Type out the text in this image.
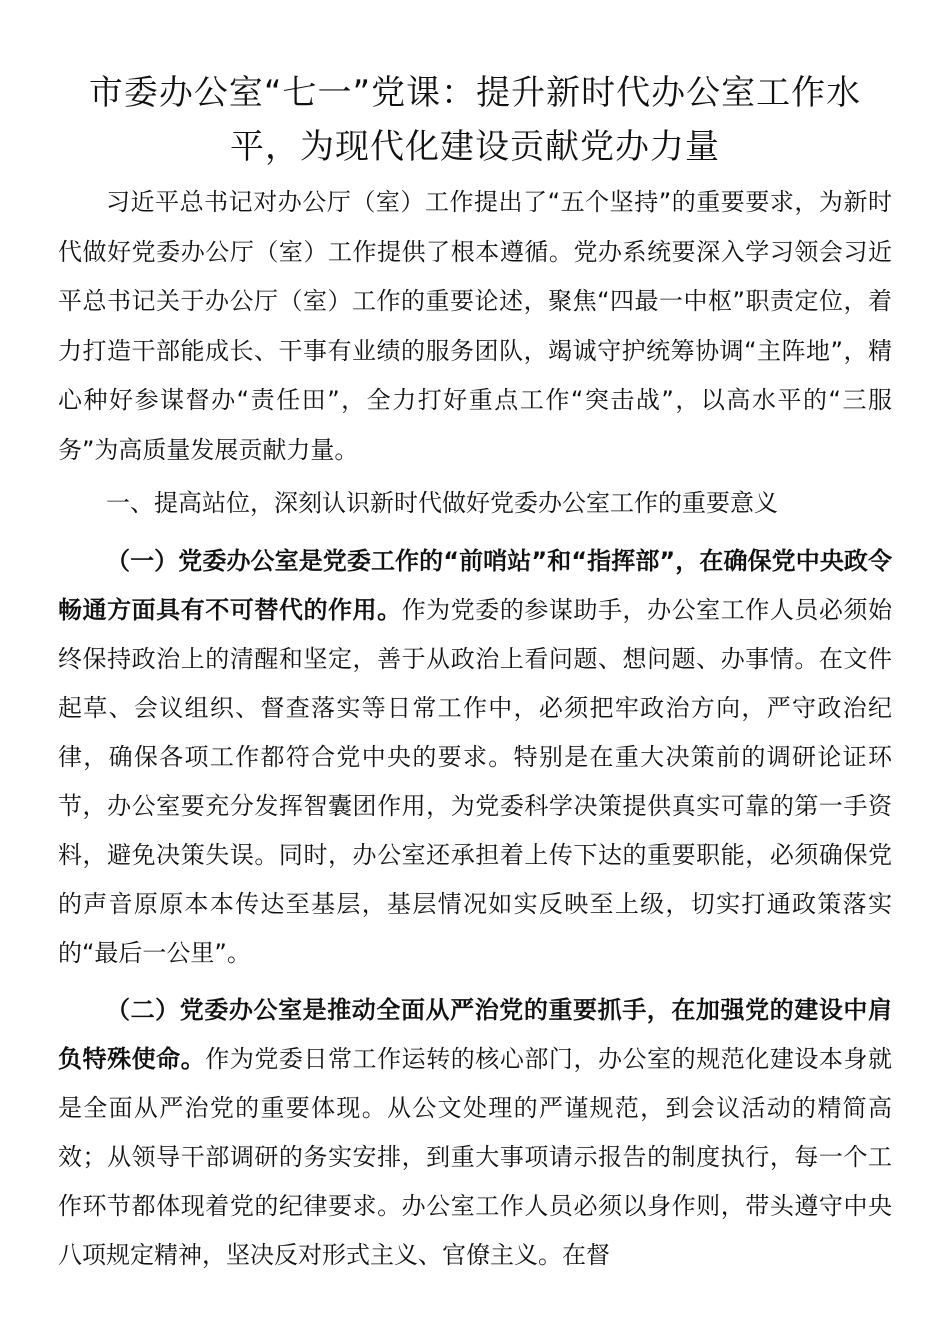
市委办公室“七一”党课：提升新时代办公室工作水平，为现代化建设贡献党办力量

习近平总书记对办公厅（室）工作提出了“五个坚持”的重要要求，为新时代做好党委办公厅（室）工作提供了根本遵循。党办系统要深入学习领会习近平总书记关于办公厅（室）工作的重要论述，聚焦“四最一中枢”职责定位，着力打造干部能成长、干事有业绩的服务团队，竭诚守护统筹协调“主阵地”，精心种好参谋督办“责任田”，全力打好重点工作“突击战”，以高水平的“三服务”为高质量发展贡献力量。

一、提高站位，深刻认识新时代做好党委办公室工作的重要意义

（一）党委办公室是党委工作的“前哨站”和“指挥部”，在确保党中央政令畅通方面具有不可替代的作用。作为党委的参谋助手，办公室工作人员必须始终保持政治上的清醒和坚定，善于从政治上看问题、想问题、办事情。在文件起草、会议组织、督查落实等日常工作中，必须把牢政治方向，严守政治纪律，确保各项工作都符合党中央的要求。特别是在重大决策前的调研论证环节，办公室要充分发挥智囊团作用，为党委科学决策提供真实可靠的第一手资料，避免决策失误。同时，办公室还承担着上传下达的重要职能，必须确保党的声音原原本本传达至基层，基层情况如实反映至上级，切实打通政策落实的“最后一公里”。

（二）党委办公室是推动全面从严治党的重要抓手，在加强党的建设中肩负特殊使命。作为党委日常工作运转的核心部门，办公室的规范化建设本身就是全面从严治党的重要体现。从公文处理的严谨规范，到会议活动的精简高效；从领导干部调研的务实安排，到重大事项请示报告的制度执行，每一个工作环节都体现着党的纪律要求。办公室工作人员必须以身作则，带头遵守中央八项规定精神，坚决反对形式主义、官僚主义。在督
